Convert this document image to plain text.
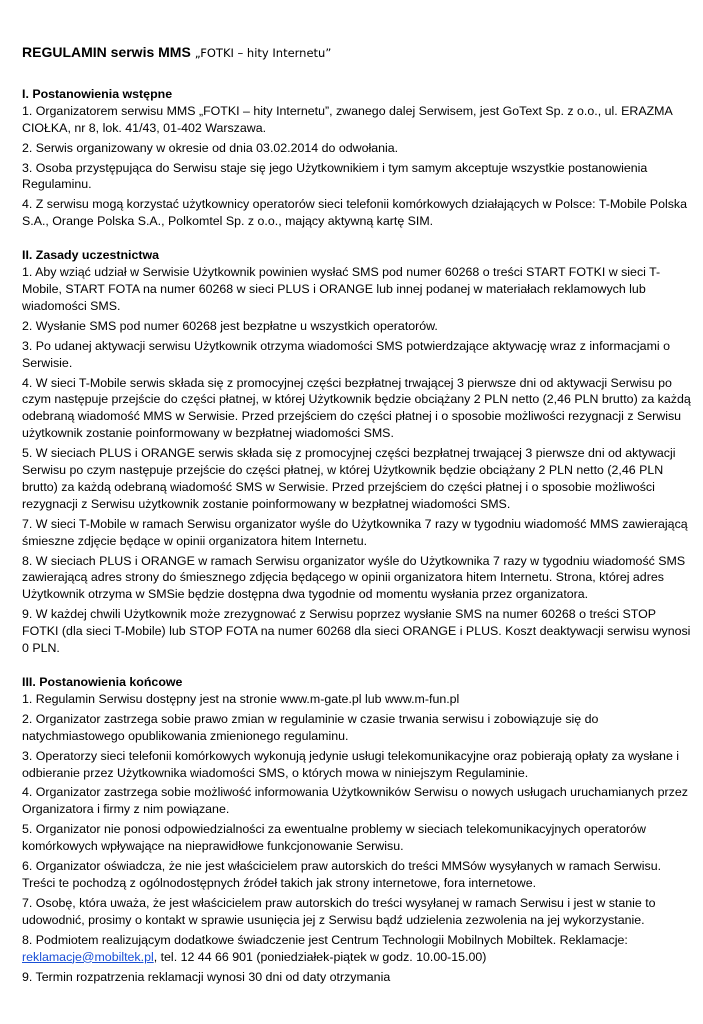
REGULAMIN serwis MMS „FOTKI – hity Internetu”

I. Postanowienia wstępne

1. Organizatorem serwisu MMS „FOTKI – hity Internetu”, zwanego dalej Serwisem, jest GoText Sp. z o.o., ul. ERAZMA CIOŁKA, nr 8, lok. 41/43, 01-402 Warszawa.

2. Serwis organizowany w okresie od dnia 03.02.2014 do odwołania.

3. Osoba przystępująca do Serwisu staje się jego Użytkownikiem i tym samym akceptuje wszystkie postanowienia Regulaminu.

4. Z serwisu mogą korzystać użytkownicy operatorów sieci telefonii komórkowych działających w Polsce: T-Mobile Polska S.A., Orange Polska S.A., Polkomtel Sp. z o.o., mający aktywną kartę SIM.

II. Zasady uczestnictwa

1. Aby wziąć udział w Serwisie Użytkownik powinien wysłać SMS pod numer 60268 o treści START FOTKI w sieci T-Mobile, START FOTA na numer 60268 w sieci PLUS i ORANGE lub innej podanej w materiałach reklamowych lub wiadomości SMS.

2. Wysłanie SMS pod numer 60268 jest bezpłatne u wszystkich operatorów.

3. Po udanej aktywacji serwisu Użytkownik otrzyma wiadomości SMS potwierdzające aktywację wraz z informacjami o Serwisie.

4. W sieci T-Mobile serwis składa się z promocyjnej części bezpłatnej trwającej 3 pierwsze dni od aktywacji Serwisu po czym następuje przejście do części płatnej, w której Użytkownik będzie obciążany 2 PLN netto (2,46 PLN brutto) za każdą odebraną wiadomość MMS w Serwisie. Przed przejściem do części płatnej i o sposobie możliwości rezygnacji z Serwisu użytkownik zostanie poinformowany w bezpłatnej wiadomości SMS.

5. W sieciach PLUS i ORANGE serwis składa się z promocyjnej części bezpłatnej trwającej 3 pierwsze dni od aktywacji Serwisu po czym następuje przejście do części płatnej, w której Użytkownik będzie obciążany 2 PLN netto (2,46 PLN brutto) za każdą odebraną wiadomość SMS w Serwisie. Przed przejściem do części płatnej i o sposobie możliwości rezygnacji z Serwisu użytkownik zostanie poinformowany w bezpłatnej wiadomości SMS.

7. W sieci T-Mobile w ramach Serwisu organizator wyśle do Użytkownika 7 razy w tygodniu wiadomość MMS zawierającą śmieszne zdjęcie będące w opinii organizatora hitem Internetu.

8. W sieciach PLUS i ORANGE w ramach Serwisu organizator wyśle do Użytkownika 7 razy w tygodniu wiadomość SMS zawierającą adres strony do śmiesznego zdjęcia będącego w opinii organizatora hitem Internetu. Strona, której adres Użytkownik otrzyma w SMSie będzie dostępna dwa tygodnie od momentu wysłania przez organizatora.

9. W każdej chwili Użytkownik może zrezygnować z Serwisu poprzez wysłanie SMS na numer 60268 o treści STOP FOTKI (dla sieci T-Mobile) lub STOP FOTA na numer 60268 dla sieci ORANGE i PLUS. Koszt deaktywacji serwisu wynosi 0 PLN.

III. Postanowienia końcowe

1. Regulamin Serwisu dostępny jest na stronie www.m-gate.pl lub www.m-fun.pl

2. Organizator zastrzega sobie prawo zmian w regulaminie w czasie trwania serwisu i zobowiązuje się do natychmiastowego opublikowania zmienionego regulaminu.

3. Operatorzy sieci telefonii komórkowych wykonują jedynie usługi telekomunikacyjne oraz pobierają opłaty za wysłane i odbieranie przez Użytkownika wiadomości SMS, o których mowa w niniejszym Regulaminie.

4. Organizator zastrzega sobie możliwość informowania Użytkowników Serwisu o nowych usługach uruchamianych przez Organizatora i firmy z nim powiązane.

5. Organizator nie ponosi odpowiedzialności za ewentualne problemy w sieciach telekomunikacyjnych operatorów komórkowych wpływające na nieprawidłowe funkcjonowanie Serwisu.

6. Organizator oświadcza, że nie jest właścicielem praw autorskich do treści MMSów wysyłanych w ramach Serwisu. Treści te pochodzą z ogólnodostępnych źródeł takich jak strony internetowe, fora internetowe.

7. Osobę, która uważa, że jest właścicielem praw autorskich do treści wysyłanej w ramach Serwisu i jest w stanie to udowodnić, prosimy o kontakt w sprawie usunięcia jej z Serwisu bądź udzielenia zezwolenia na jej wykorzystanie.

8. Podmiotem realizującym dodatkowe świadczenie jest Centrum Technologii Mobilnych Mobiltek. Reklamacje: reklamacje@mobiltek.pl, tel. 12 44 66 901 (poniedziałek-piątek w godz. 10.00-15.00)

9. Termin rozpatrzenia reklamacji wynosi 30 dni od daty otrzymania
